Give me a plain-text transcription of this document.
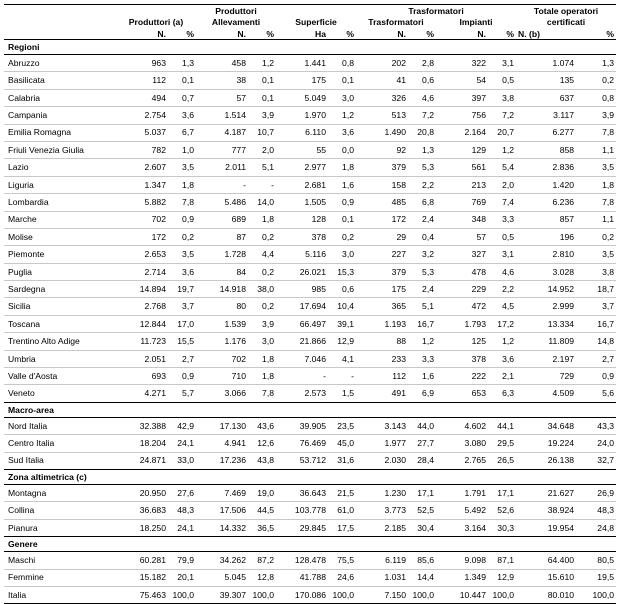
			Produttori				Trasformatori				Totale operatori	
	Produttori (a)		Allevamenti		Superficie		Trasformatori		Impianti		certificati	
	N.	%	N.	%	Ha	%	N.	%	N.	%	N. (b)	%
Regioni												
Abruzzo	963	1,3	458	1,2	1.441	0,8	202	2,8	322	3,1	1.074	1,3
Basilicata	112	0,1	38	0,1	175	0,1	41	0,6	54	0,5	135	0,2
Calabria	494	0,7	57	0,1	5.049	3,0	326	4,6	397	3,8	637	0,8
Campania	2.754	3,6	1.514	3,9	1.970	1,2	513	7,2	756	7,2	3.117	3,9
Emilia Romagna	5.037	6,7	4.187	10,7	6.110	3,6	1.490	20,8	2.164	20,7	6.277	7,8
Friuli Venezia Giulia	782	1,0	777	2,0	55	0,0	92	1,3	129	1,2	858	1,1
Lazio	2.607	3,5	2.011	5,1	2.977	1,8	379	5,3	561	5,4	2.836	3,5
Liguria	1.347	1,8	-	-	2.681	1,6	158	2,2	213	2,0	1.420	1,8
Lombardia	5.882	7,8	5.486	14,0	1.505	0,9	485	6,8	769	7,4	6.236	7,8
Marche	702	0,9	689	1,8	128	0,1	172	2,4	348	3,3	857	1,1
Molise	172	0,2	87	0,2	378	0,2	29	0,4	57	0,5	196	0,2
Piemonte	2.653	3,5	1.728	4,4	5.116	3,0	227	3,2	327	3,1	2.810	3,5
Puglia	2.714	3,6	84	0,2	26.021	15,3	379	5,3	478	4,6	3.028	3,8
Sardegna	14.894	19,7	14.918	38,0	985	0,6	175	2,4	229	2,2	14.952	18,7
Sicilia	2.768	3,7	80	0,2	17.694	10,4	365	5,1	472	4,5	2.999	3,7
Toscana	12.844	17,0	1.539	3,9	66.497	39,1	1.193	16,7	1.793	17,2	13.334	16,7
Trentino Alto Adige	11.723	15,5	1.176	3,0	21.866	12,9	88	1,2	125	1,2	11.809	14,8
Umbria	2.051	2,7	702	1,8	7.046	4,1	233	3,3	378	3,6	2.197	2,7
Valle d'Aosta	693	0,9	710	1,8	-	-	112	1,6	222	2,1	729	0,9
Veneto	4.271	5,7	3.066	7,8	2.573	1,5	491	6,9	653	6,3	4.509	5,6
Macro-area												
Nord Italia	32.388	42,9	17.130	43,6	39.905	23,5	3.143	44,0	4.602	44,1	34.648	43,3
Centro Italia	18.204	24,1	4.941	12,6	76.469	45,0	1.977	27,7	3.080	29,5	19.224	24,0
Sud Italia	24.871	33,0	17.236	43,8	53.712	31,6	2.030	28,4	2.765	26,5	26.138	32,7
Zona altimetrica (c)												
Montagna	20.950	27,6	7.469	19,0	36.643	21,5	1.230	17,1	1.791	17,1	21.627	26,9
Collina	36.683	48,3	17.506	44,5	103.778	61,0	3.773	52,5	5.492	52,6	38.924	48,3
Pianura	18.250	24,1	14.332	36,5	29.845	17,5	2.185	30,4	3.164	30,3	19.954	24,8
Genere												
Maschi	60.281	79,9	34.262	87,2	128.478	75,5	6.119	85,6	9.098	87,1	64.400	80,5
Femmine	15.182	20,1	5.045	12,8	41.788	24,6	1.031	14,4	1.349	12,9	15.610	19,5
Italia	75.463	100,0	39.307	100,0	170.086	100,0	7.150	100,0	10.447	100,0	80.010	100,0
